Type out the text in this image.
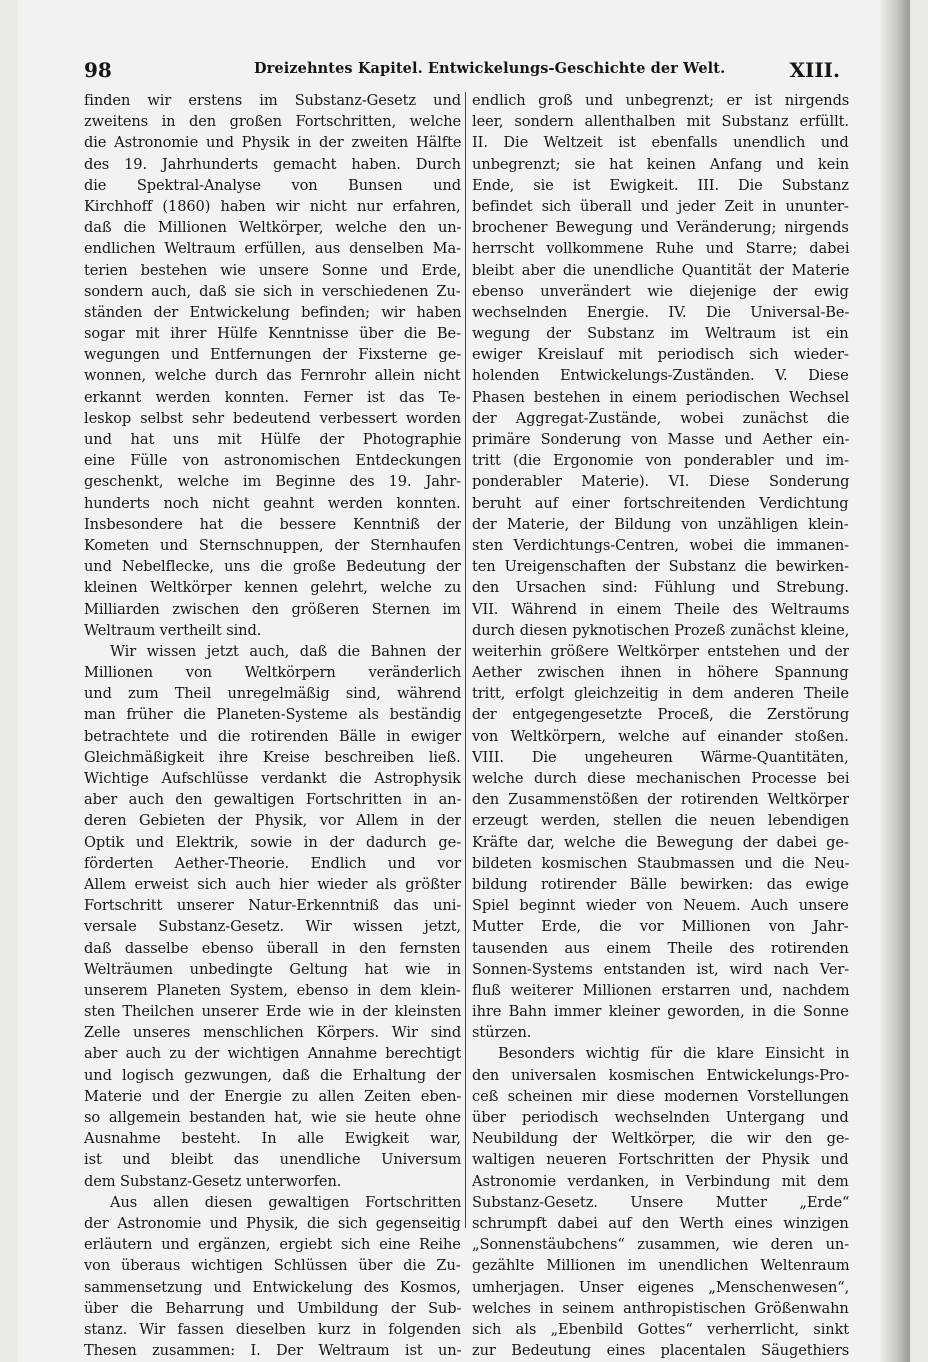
98	Dreizehntes Kapitel. Entwickelungs-Geschichte der Welt.	XIII.
finden wir erstens im Substanz-Gesetz und
zweitens in den großen Fortschritten, welche
die Astronomie und Physik in der zweiten Hälfte
des 19. Jahrhunderts gemacht haben. Durch
die Spektral-Analyse von Bunsen und
Kirchhoff (1860) haben wir nicht nur erfahren,
daß die Millionen Weltkörper, welche den un-
endlichen Weltraum erfüllen, aus denselben Ma-
terien bestehen wie unsere Sonne und Erde,
sondern auch, daß sie sich in verschiedenen Zu-
ständen der Entwickelung befinden; wir haben
sogar mit ihrer Hülfe Kenntnisse über die Be-
wegungen und Entfernungen der Fixsterne ge-
wonnen, welche durch das Fernrohr allein nicht
erkannt werden konnten. Ferner ist das Te-
leskop selbst sehr bedeutend verbessert worden
und hat uns mit Hülfe der Photographie
eine Fülle von astronomischen Entdeckungen
geschenkt, welche im Beginne des 19. Jahr-
hunderts noch nicht geahnt werden konnten.
Insbesondere hat die bessere Kenntniß der
Kometen und Sternschnuppen, der Sternhaufen
und Nebelflecke, uns die große Bedeutung der
kleinen Weltkörper kennen gelehrt, welche zu
Milliarden zwischen den größeren Sternen im
Weltraum vertheilt sind.
Wir wissen jetzt auch, daß die Bahnen der
Millionen von Weltkörpern veränderlich
und zum Theil unregelmäßig sind, während
man früher die Planeten-Systeme als beständig
betrachtete und die rotirenden Bälle in ewiger
Gleichmäßigkeit ihre Kreise beschreiben ließ.
Wichtige Aufschlüsse verdankt die Astrophysik
aber auch den gewaltigen Fortschritten in an-
deren Gebieten der Physik, vor Allem in der
Optik und Elektrik, sowie in der dadurch ge-
förderten Aether-Theorie. Endlich und vor
Allem erweist sich auch hier wieder als größter
Fortschritt unserer Natur-Erkenntniß das uni-
versale Substanz-Gesetz. Wir wissen jetzt,
daß dasselbe ebenso überall in den fernsten
Welträumen unbedingte Geltung hat wie in
unserem Planeten System, ebenso in dem klein-
sten Theilchen unserer Erde wie in der kleinsten
Zelle unseres menschlichen Körpers. Wir sind
aber auch zu der wichtigen Annahme berechtigt
und logisch gezwungen, daß die Erhaltung der
Materie und der Energie zu allen Zeiten eben-
so allgemein bestanden hat, wie sie heute ohne
Ausnahme besteht. In alle Ewigkeit war,
ist und bleibt das unendliche Universum
dem Substanz-Gesetz unterworfen.
Aus allen diesen gewaltigen Fortschritten
der Astronomie und Physik, die sich gegenseitig
erläutern und ergänzen, ergiebt sich eine Reihe
von überaus wichtigen Schlüssen über die Zu-
sammensetzung und Entwickelung des Kosmos,
über die Beharrung und Umbildung der Sub-
stanz. Wir fassen dieselben kurz in folgenden
Thesen zusammen: I. Der Weltraum ist un-
endlich groß und unbegrenzt; er ist nirgends
leer, sondern allenthalben mit Substanz erfüllt.
II. Die Weltzeit ist ebenfalls unendlich und
unbegrenzt; sie hat keinen Anfang und kein
Ende, sie ist Ewigkeit. III. Die Substanz
befindet sich überall und jeder Zeit in ununter-
brochener Bewegung und Veränderung; nirgends
herrscht vollkommene Ruhe und Starre; dabei
bleibt aber die unendliche Quantität der Materie
ebenso unverändert wie diejenige der ewig
wechselnden Energie. IV. Die Universal-Be-
wegung der Substanz im Weltraum ist ein
ewiger Kreislauf mit periodisch sich wieder-
holenden Entwickelungs-Zuständen. V. Diese
Phasen bestehen in einem periodischen Wechsel
der Aggregat-Zustände, wobei zunächst die
primäre Sonderung von Masse und Aether ein-
tritt (die Ergonomie von ponderabler und im-
ponderabler Materie). VI. Diese Sonderung
beruht auf einer fortschreitenden Verdichtung
der Materie, der Bildung von unzähligen klein-
sten Verdichtungs-Centren, wobei die immanen-
ten Ureigenschaften der Substanz die bewirken-
den Ursachen sind: Fühlung und Strebung.
VII. Während in einem Theile des Weltraums
durch diesen pyknotischen Prozeß zunächst kleine,
weiterhin größere Weltkörper entstehen und der
Aether zwischen ihnen in höhere Spannung
tritt, erfolgt gleichzeitig in dem anderen Theile
der entgegengesetzte Proceß, die Zerstörung
von Weltkörpern, welche auf einander stoßen.
VIII. Die ungeheuren Wärme-Quantitäten,
welche durch diese mechanischen Processe bei
den Zusammenstößen der rotirenden Weltkörper
erzeugt werden, stellen die neuen lebendigen
Kräfte dar, welche die Bewegung der dabei ge-
bildeten kosmischen Staubmassen und die Neu-
bildung rotirender Bälle bewirken: das ewige
Spiel beginnt wieder von Neuem. Auch unsere
Mutter Erde, die vor Millionen von Jahr-
tausenden aus einem Theile des rotirenden
Sonnen-Systems entstanden ist, wird nach Ver-
fluß weiterer Millionen erstarren und, nachdem
ihre Bahn immer kleiner geworden, in die Sonne
stürzen.
Besonders wichtig für die klare Einsicht in
den universalen kosmischen Entwickelungs-Pro-
ceß scheinen mir diese modernen Vorstellungen
über periodisch wechselnden Untergang und
Neubildung der Weltkörper, die wir den ge-
waltigen neueren Fortschritten der Physik und
Astronomie verdanken, in Verbindung mit dem
Substanz-Gesetz. Unsere Mutter „Erde“
schrumpft dabei auf den Werth eines winzigen
„Sonnenstäubchens“ zusammen, wie deren un-
gezählte Millionen im unendlichen Weltenraum
umherjagen. Unser eigenes „Menschenwesen“,
welches in seinem anthropistischen Größenwahn
sich als „Ebenbild Gottes“ verherrlicht, sinkt
zur Bedeutung eines placentalen Säugethiers
